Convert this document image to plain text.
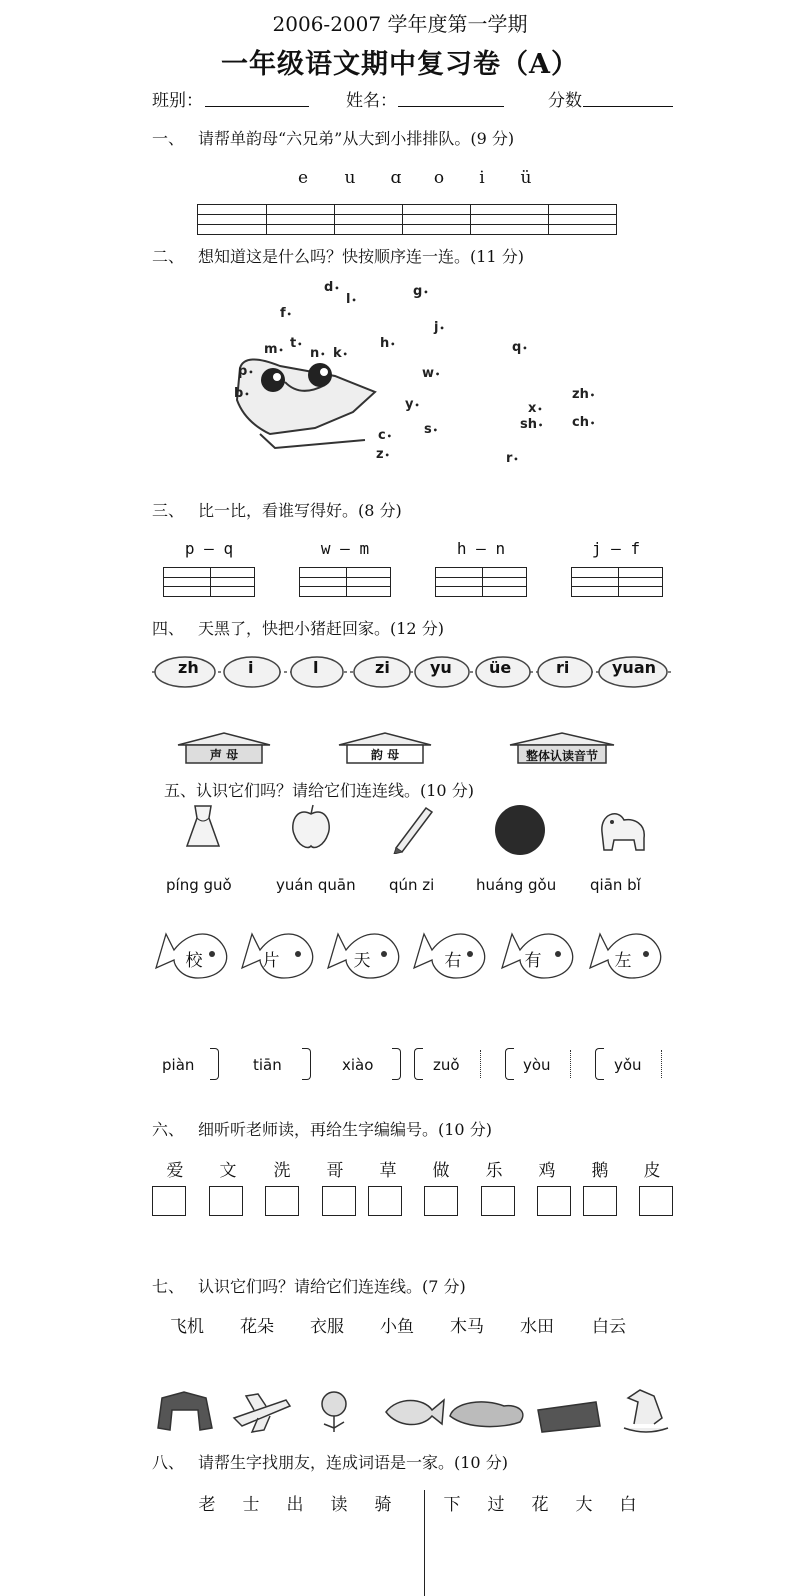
2006-2007 学年度第一学期
一年级语文期中复习卷（A）
班别：	姓名：	分数
一、 请帮单韵母“六兄弟”从大到小排排队。(9 分)
e u ɑ o	i	ü
二、 想知道这是什么吗？快按顺序连一连。(11 分)
d •
l •
g •
f •
j •
m • t •
n •	k •
h •	q •
p •	w •
b •
y •
zh •
x •
sh •	ch •
c •	s •
z •	r •
三、 比一比，看谁写得好。(8 分)
p — q	w — m	h — n	j — f
四、 天黑了，快把小猪赶回家。(12 分)
zh	i	l	zi	yu üe	ri	yuan
声 母	韵 母	整体认读音节
五、认识它们吗？请给它们连连线。(10 分)
píng guǒ	yuán quān qún zi	huáng gǒu qiān bǐ
校	片	天	右	有	左
piàn	tiān	xiào	zuǒ	yòu	yǒu
六、 细听听老师读，再给生字编编号。(10 分)
爱	文	洗	哥	草	做	乐	鸡	鹅	皮
七、 认识它们吗？请给它们连连线。(7 分)
飞机 花朵 衣服 小鱼 木马 水田 白云
八、 请帮生字找朋友，连成词语是一家。(10 分)
老	士	出	读	骑	下	过	花	大	白
